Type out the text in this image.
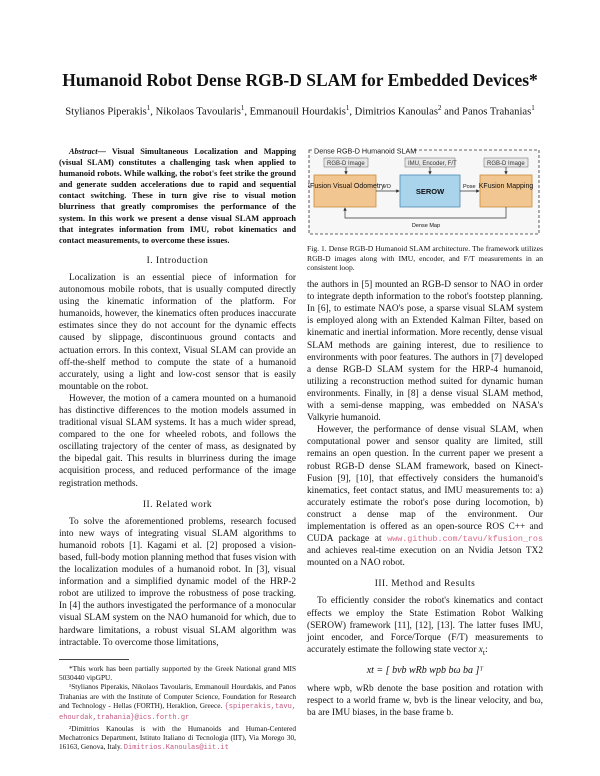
Humanoid Robot Dense RGB-D SLAM for Embedded Devices*
Stylianos Piperakis$^1$, Nikolaos Tavoularis$^1$, Emmanouil Hourdakis$^1$, Dimitrios Kanoulas$^2$ and Panos Trahanias$^1$

Abstract— Visual Simultaneous Localization and Mapping (visual SLAM) constitutes a challenging task when applied to humanoid robots. While walking, the robot's feet strike the ground and generate sudden accelerations due to rapid and sequential contact switching. These in turn give rise to visual motion blurriness that greatly compromises the performance of the system. In this work we present a dense visual SLAM approach that integrates information from IMU, robot kinematics and contact measurements, to overcome these issues.

I. Introduction

Localization is an essential piece of information for autonomous mobile robots, that is usually computed directly using the kinematic information of the platform. For humanoids, however, the kinematics often produces inaccurate estimates since they do not account for the dynamic effects caused by slippage, discontinuous ground contacts and actuation errors. In this context, Visual SLAM can provide an off-the-shelf method to compute the state of a humanoid accurately, using a light and low-cost sensor that is easily mountable on the robot.

However, the motion of a camera mounted on a humanoid has distinctive differences to the motion models assumed in traditional visual SLAM systems. It has a much wider spread, compared to the one for wheeled robots, and follows the oscillating trajectory of the center of mass, as designated by the bipedal gait. This results in blurriness during the image acquisition process, and reduced performance of the image registration methods.

II. Related work

To solve the aforementioned problems, research focused into new ways of integrating visual SLAM algorithms to humanoid robots [1]. Kagami et al. [2] proposed a vision-based, full-body motion planning method that fuses vision with the localization modules of a humanoid robot. In [3], visual information and a simplified dynamic model of the HRP-2 robot are utilized to improve the robustness of pose tracking. In [4] the authors investigated the performance of a monocular visual SLAM system on the NAO humanoid for which, due to hardware limitations, a robust visual SLAM algorithm was intractable. To overcome those limitations,

*This work has been partially supported by the Greek National grand MIS 5030440 vipGPU.

¹Stylianos Piperakis, Nikolaos Tavoularis, Emmanouil Hourdakis, and Panos Trahanias are with the Institute of Computer Science, Foundation for Research and Technology - Hellas (FORTH), Heraklion, Greece. {spiperakis,tavu, ehourdak,trahania}@ics.forth.gr

²Dimitrios Kanoulas is with the Humanoids and Human-Centered Mechatronics Department, Istituto Italiano di Tecnologia (IIT), Via Morego 30, 16163, Genova, Italy. Dimitrios.Kanoulas@iit.it

Dense RGB-D Humanoid SLAM
RGB-D Image	IMU, Encoder, F/T	RGB-D Image
KFusion Visual Odometry
SEROW
KFusion Mapping
VO	Pose
Dense Map

Fig. 1. Dense RGB-D Humanoid SLAM architecture. The framework utilizes RGB-D images along with IMU, encoder, and F/T measurements in an consistent loop.

the authors in [5] mounted an RGB-D sensor to NAO in order to integrate depth information to the robot's footstep planning. In [6], to estimate NAO's pose, a sparse visual SLAM system is employed along with an Extended Kalman Filter, based on kinematic and inertial information. More recently, dense visual SLAM methods are gaining interest, due to resilience to environments with poor features. The authors in [7] developed a dense RGB-D SLAM system for the HRP-4 humanoid, utilizing a reconstruction method suited for dynamic human environments. Finally, in [8] a dense visual SLAM method, with a semi-dense mapping, was embedded on NASA's Valkyrie humanoid.

However, the performance of dense visual SLAM, when computational power and sensor quality are limited, still remains an open question. In the current paper we present a robust RGB-D dense SLAM framework, based on Kinect-Fusion [9], [10], that effectively considers the humanoid's kinematics, feet contact status, and IMU measurements to: a) accurately estimate the robot's pose during locomotion, b) construct a dense map of the environment. Our implementation is offered as an open-source ROS C++ and CUDA package at www.github.com/tavu/kfusion_ros and achieves real-time execution on an Nvidia Jetson TX2 mounted on a NAO robot.

III. Method and Results

To efficiently consider the robot's kinematics and contact effects we employ the State Estimation Robot Walking (SEROW) framework [11], [12], [13]. The latter fuses IMU, joint encoder, and Force/Torque (F/T) measurements to accurately estimate the following state vector $x_t$:

xt = [ bvb wRb wpb bω ba ]ᵀ

where wpb, wRb denote the base position and rotation with respect to a world frame w, bvb is the linear velocity, and bω, ba are IMU biases, in the base frame b.
